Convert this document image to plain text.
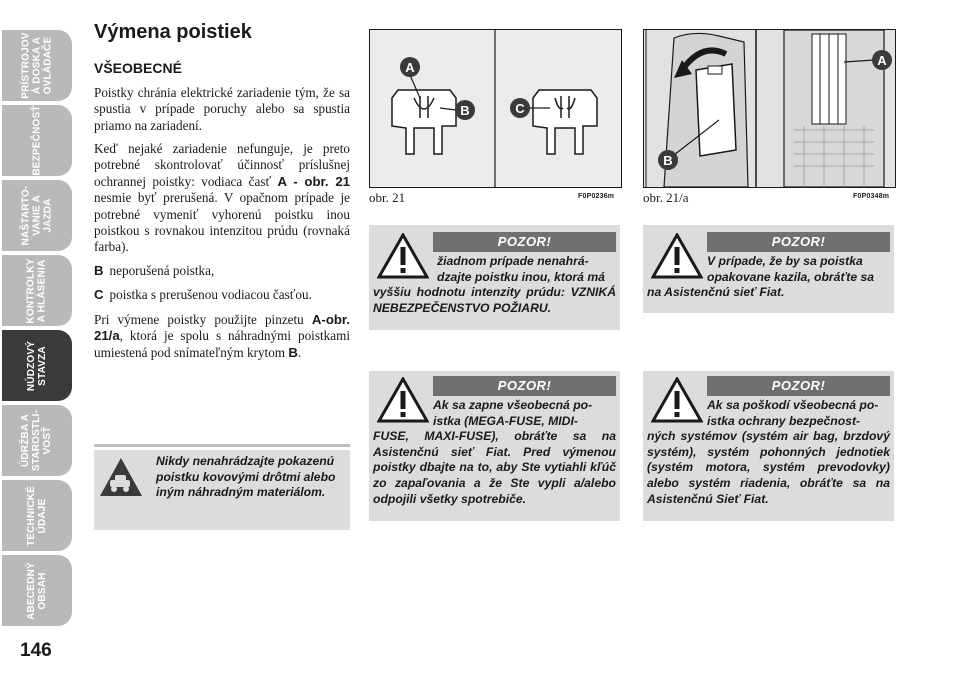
PRÍSTROJOV
Á DOSKA A
OVLÁDAČE
BEZPEČNOSŤ
NAŠTARTO-
VANIE A
JAZDA
KONTROLKY
A HLÁSENIA
NÚDZOVÝ
STAVZA
ÚDRŽBA A
STAROSTLI-
VOSŤ
TECHNICKÉ
ÚDAJE
ABECEDNÝ
OBSAH
146
Výmena poistiek
VŠEOBECNÉ

Poistky chránia elektrické zariadenie tým, že sa spustia v prípade poruchy alebo sa spustia priamo na zariadení.

Keď nejaké zariadenie nefunguje, je preto potrebné skontrolovať účinnosť príslušnej ochrannej poistky: vodiaca časť A - obr. 21 nesmie byť prerušená. V opačnom prípade je potrebné vymeniť vyhorenú poistku inou poistkou s rovnakou intenzitou prúdu (rovnaká farba).

B neporušená poistka,
C poistka s prerušenou vodiacou časťou.

Pri výmene poistky použijte pinzetu A-obr. 21/a, ktorá je spolu s náhradnými poistkami umiestená pod snímateľným krytom B.

Nikdy nenahrádzajte pokazenú poistku kovovými drôtmi alebo iným náhradným materiálom.
A
B	C
obr. 21	F0P0236m
A
B
obr. 21/a	F0P0348m
POZOR!
žiadnom prípade nenahrá-
dzajte poistku inou, ktorá má
vyššiu hodnotu intenzity prúdu: VZNIKÁ NEBEZPEČENSTVO POŽIARU.
POZOR!
V prípade, že by sa poistka
opakovane kazila, obráťte sa
na Asistenčnú sieť Fiat.
POZOR!
Ak sa zapne všeobecná po-
istka (MEGA-FUSE, MIDI-
FUSE, MAXI-FUSE), obráťte sa na Asistenčnú sieť Fiat. Pred výmenou poistky dbajte na to, aby Ste vytiahli kľúč zo zapaľovania a že Ste vypli a/alebo odpojili všetky spotrebiče.
POZOR!
Ak sa poškodí všeobecná po-
istka ochrany bezpečnost-
ných systémov (systém air bag, brzdový systém), systém pohonných jednotiek (systém motora, systém prevodovky) alebo systém riadenia, obráťte sa na Asistenčnú Sieť Fiat.
